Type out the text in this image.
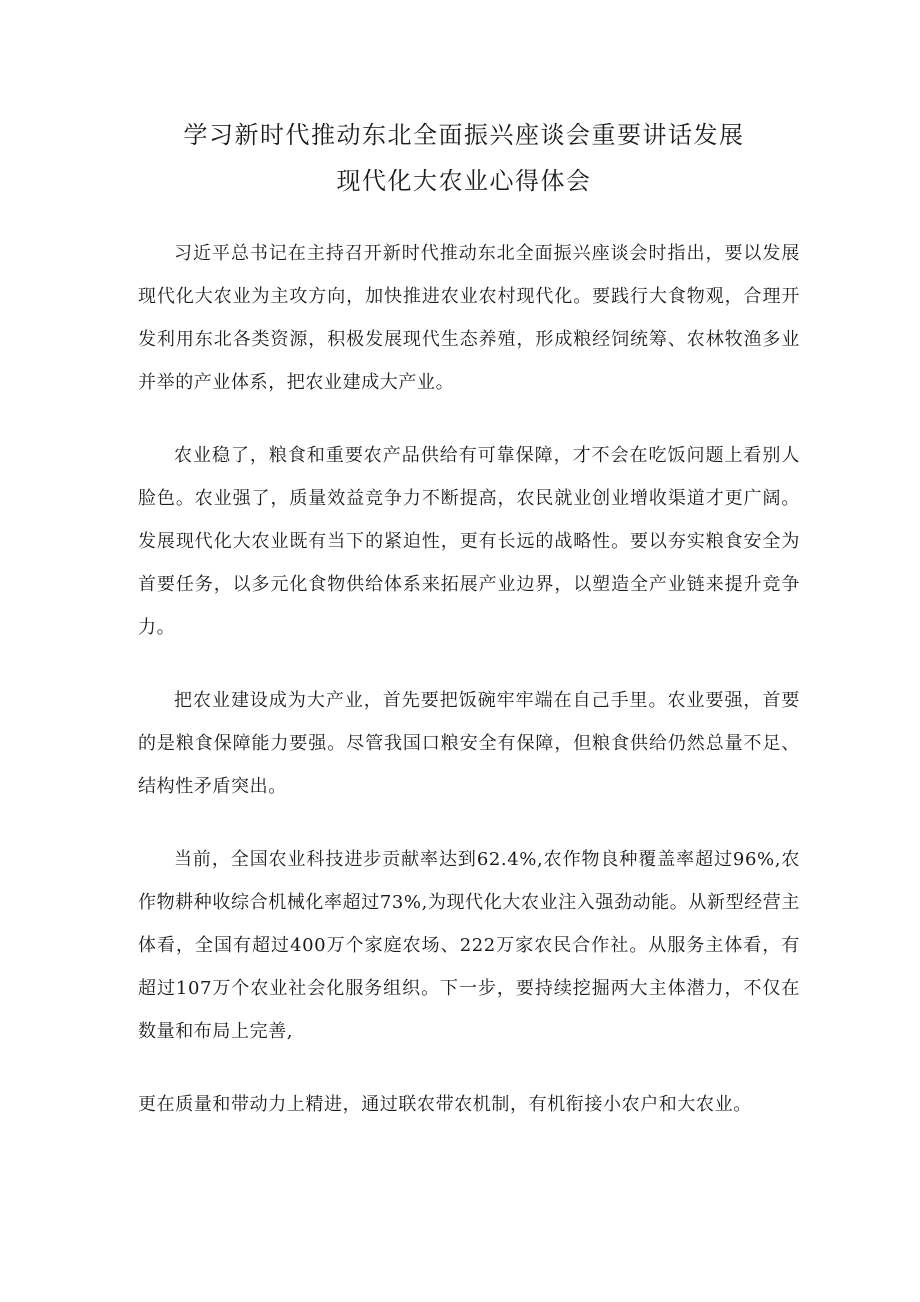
学习新时代推动东北全面振兴座谈会重要讲话发展
现代化大农业心得体会

习近平总书记在主持召开新时代推动东北全面振兴座谈会时指出，要以发展现代化大农业为主攻方向，加快推进农业农村现代化。要践行大食物观，合理开发利用东北各类资源，积极发展现代生态养殖，形成粮经饲统筹、农林牧渔多业并举的产业体系，把农业建成大产业。

农业稳了，粮食和重要农产品供给有可靠保障，才不会在吃饭问题上看别人脸色。农业强了，质量效益竞争力不断提高，农民就业创业增收渠道才更广阔。发展现代化大农业既有当下的紧迫性，更有长远的战略性。要以夯实粮食安全为首要任务，以多元化食物供给体系来拓展产业边界，以塑造全产业链来提升竞争力。

把农业建设成为大产业，首先要把饭碗牢牢端在自己手里。农业要强，首要的是粮食保障能力要强。尽管我国口粮安全有保障，但粮食供给仍然总量不足、结构性矛盾突出。

当前，全国农业科技进步贡献率达到62.4%,农作物良种覆盖率超过96%,农作物耕种收综合机械化率超过73%,为现代化大农业注入强劲动能。从新型经营主体看，全国有超过400万个家庭农场、222万家农民合作社。从服务主体看，有超过107万个农业社会化服务组织。下一步，要持续挖掘两大主体潜力，不仅在数量和布局上完善,

更在质量和带动力上精进，通过联农带农机制，有机衔接小农户和大农业。
